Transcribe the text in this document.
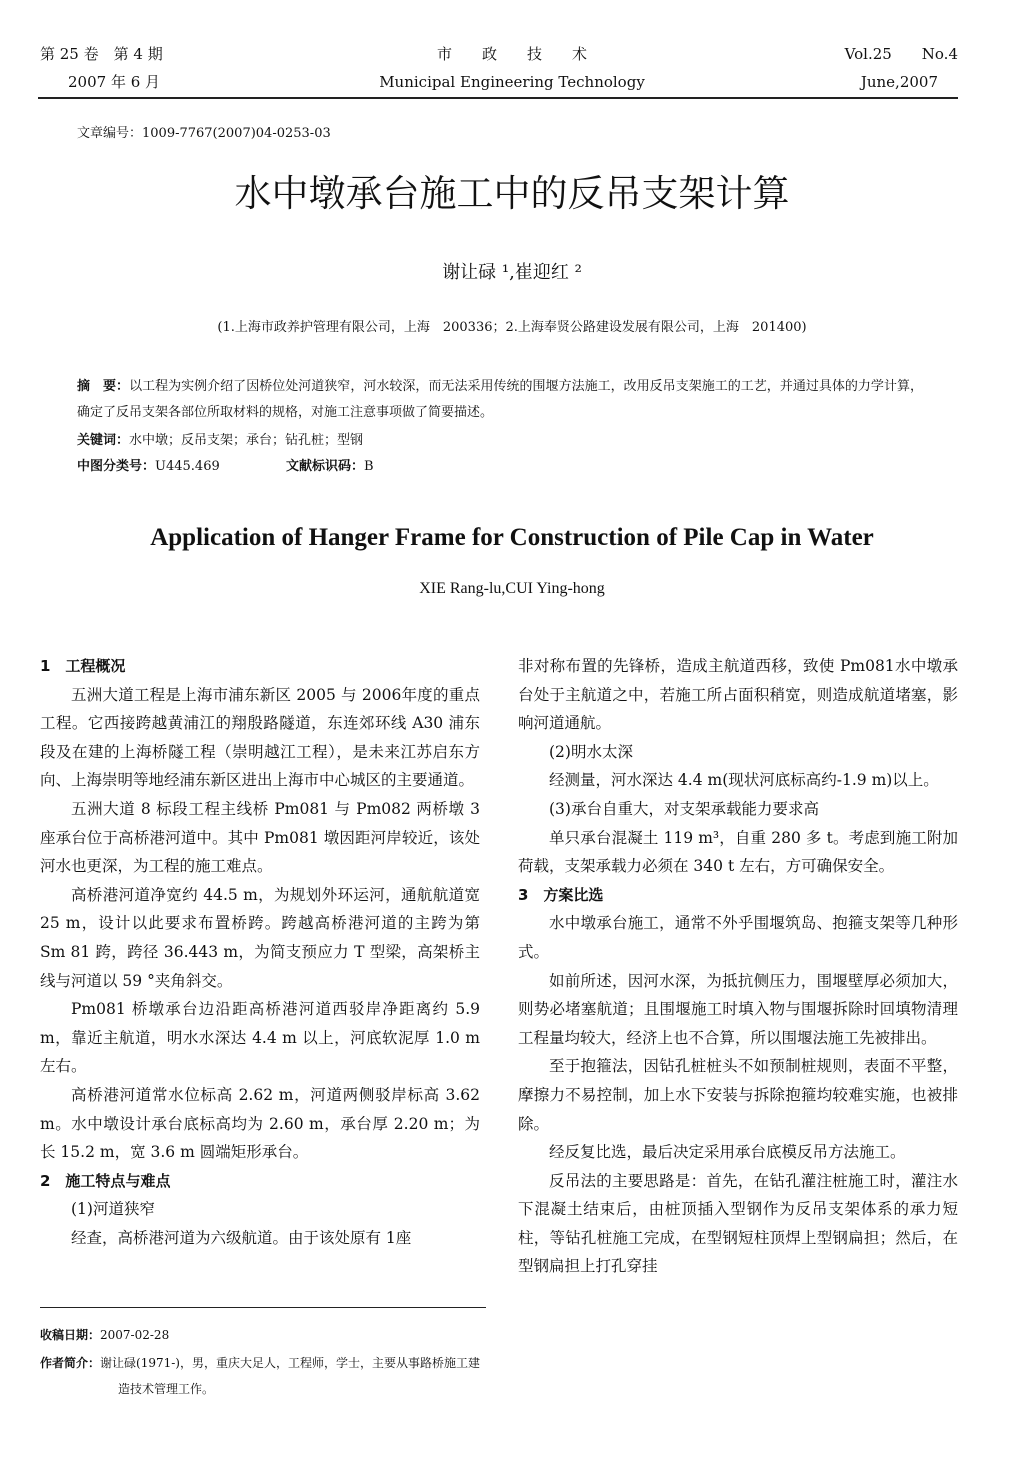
第 25 卷　第 4 期
2007 年 6 月
市　　政　　技　　术
Municipal Engineering Technology
Vol.25　　No.4
June,2007
文章编号：1009-7767(2007)04-0253-03
水中墩承台施工中的反吊支架计算
谢让碌 ¹,崔迎红 ²
(1.上海市政养护管理有限公司，上海　200336；2.上海奉贤公路建设发展有限公司，上海　201400)
摘　要：以工程为实例介绍了因桥位处河道狭窄，河水较深，而无法采用传统的围堰方法施工，改用反吊支架施工的工艺，并通过具体的力学计算，确定了反吊支架各部位所取材料的规格，对施工注意事项做了简要描述。
关键词：水中墩；反吊支架；承台；钻孔桩；型钢
中图分类号：U445.469	文献标识码：B
Application of Hanger Frame for Construction of Pile Cap in Water
XIE Rang-lu,CUI Ying-hong
1　工程概况

五洲大道工程是上海市浦东新区 2005 与 2006年度的重点工程。它西接跨越黄浦江的翔殷路隧道，东连郊环线 A30 浦东段及在建的上海桥隧工程（崇明越江工程），是未来江苏启东方向、上海崇明等地经浦东新区进出上海市中心城区的主要通道。

五洲大道 8 标段工程主线桥 Pm081 与 Pm082 两桥墩 3 座承台位于高桥港河道中。其中 Pm081 墩因距河岸较近，该处河水也更深，为工程的施工难点。

高桥港河道净宽约 44.5 m，为规划外环运河，通航航道宽 25 m，设计以此要求布置桥跨。跨越高桥港河道的主跨为第 Sm 81 跨，跨径 36.443 m，为简支预应力 T 型梁，高架桥主线与河道以 59 °夹角斜交。

Pm081 桥墩承台边沿距高桥港河道西驳岸净距离约 5.9 m，靠近主航道，明水水深达 4.4 m 以上，河底软泥厚 1.0 m 左右。

高桥港河道常水位标高 2.62 m，河道两侧驳岸标高 3.62 m。水中墩设计承台底标高均为 2.60 m，承台厚 2.20 m；为长 15.2 m，宽 3.6 m 圆端矩形承台。

2　施工特点与难点
(1)河道狭窄

经查，高桥港河道为六级航道。由于该处原有 1座

非对称布置的先锋桥，造成主航道西移，致使 Pm081水中墩承台处于主航道之中，若施工所占面积稍宽，则造成航道堵塞，影响河道通航。

(2)明水太深

经测量，河水深达 4.4 m(现状河底标高约-1.9 m)以上。

(3)承台自重大，对支架承载能力要求高

单只承台混凝土 119 m³，自重 280 多 t。考虑到施工附加荷载，支架承载力必须在 340 t 左右，方可确保安全。

3　方案比选

水中墩承台施工，通常不外乎围堰筑岛、抱箍支架等几种形式。

如前所述，因河水深，为抵抗侧压力，围堰壁厚必须加大，则势必堵塞航道；且围堰施工时填入物与围堰拆除时回填物清理工程量均较大，经济上也不合算，所以围堰法施工先被排出。

至于抱箍法，因钻孔桩桩头不如预制桩规则，表面不平整，摩擦力不易控制，加上水下安装与拆除抱箍均较难实施，也被排除。

经反复比选，最后决定采用承台底模反吊方法施工。

反吊法的主要思路是：首先，在钻孔灌注桩施工时，灌注水下混凝土结束后，由桩顶插入型钢作为反吊支架体系的承力短柱，等钻孔桩施工完成，在型钢短柱顶焊上型钢扁担；然后，在型钢扁担上打孔穿挂

收稿日期：2007-02-28
作者简介：谢让碌(1971-)，男，重庆大足人，工程师，学士，主要从事路桥施工建造技术管理工作。
